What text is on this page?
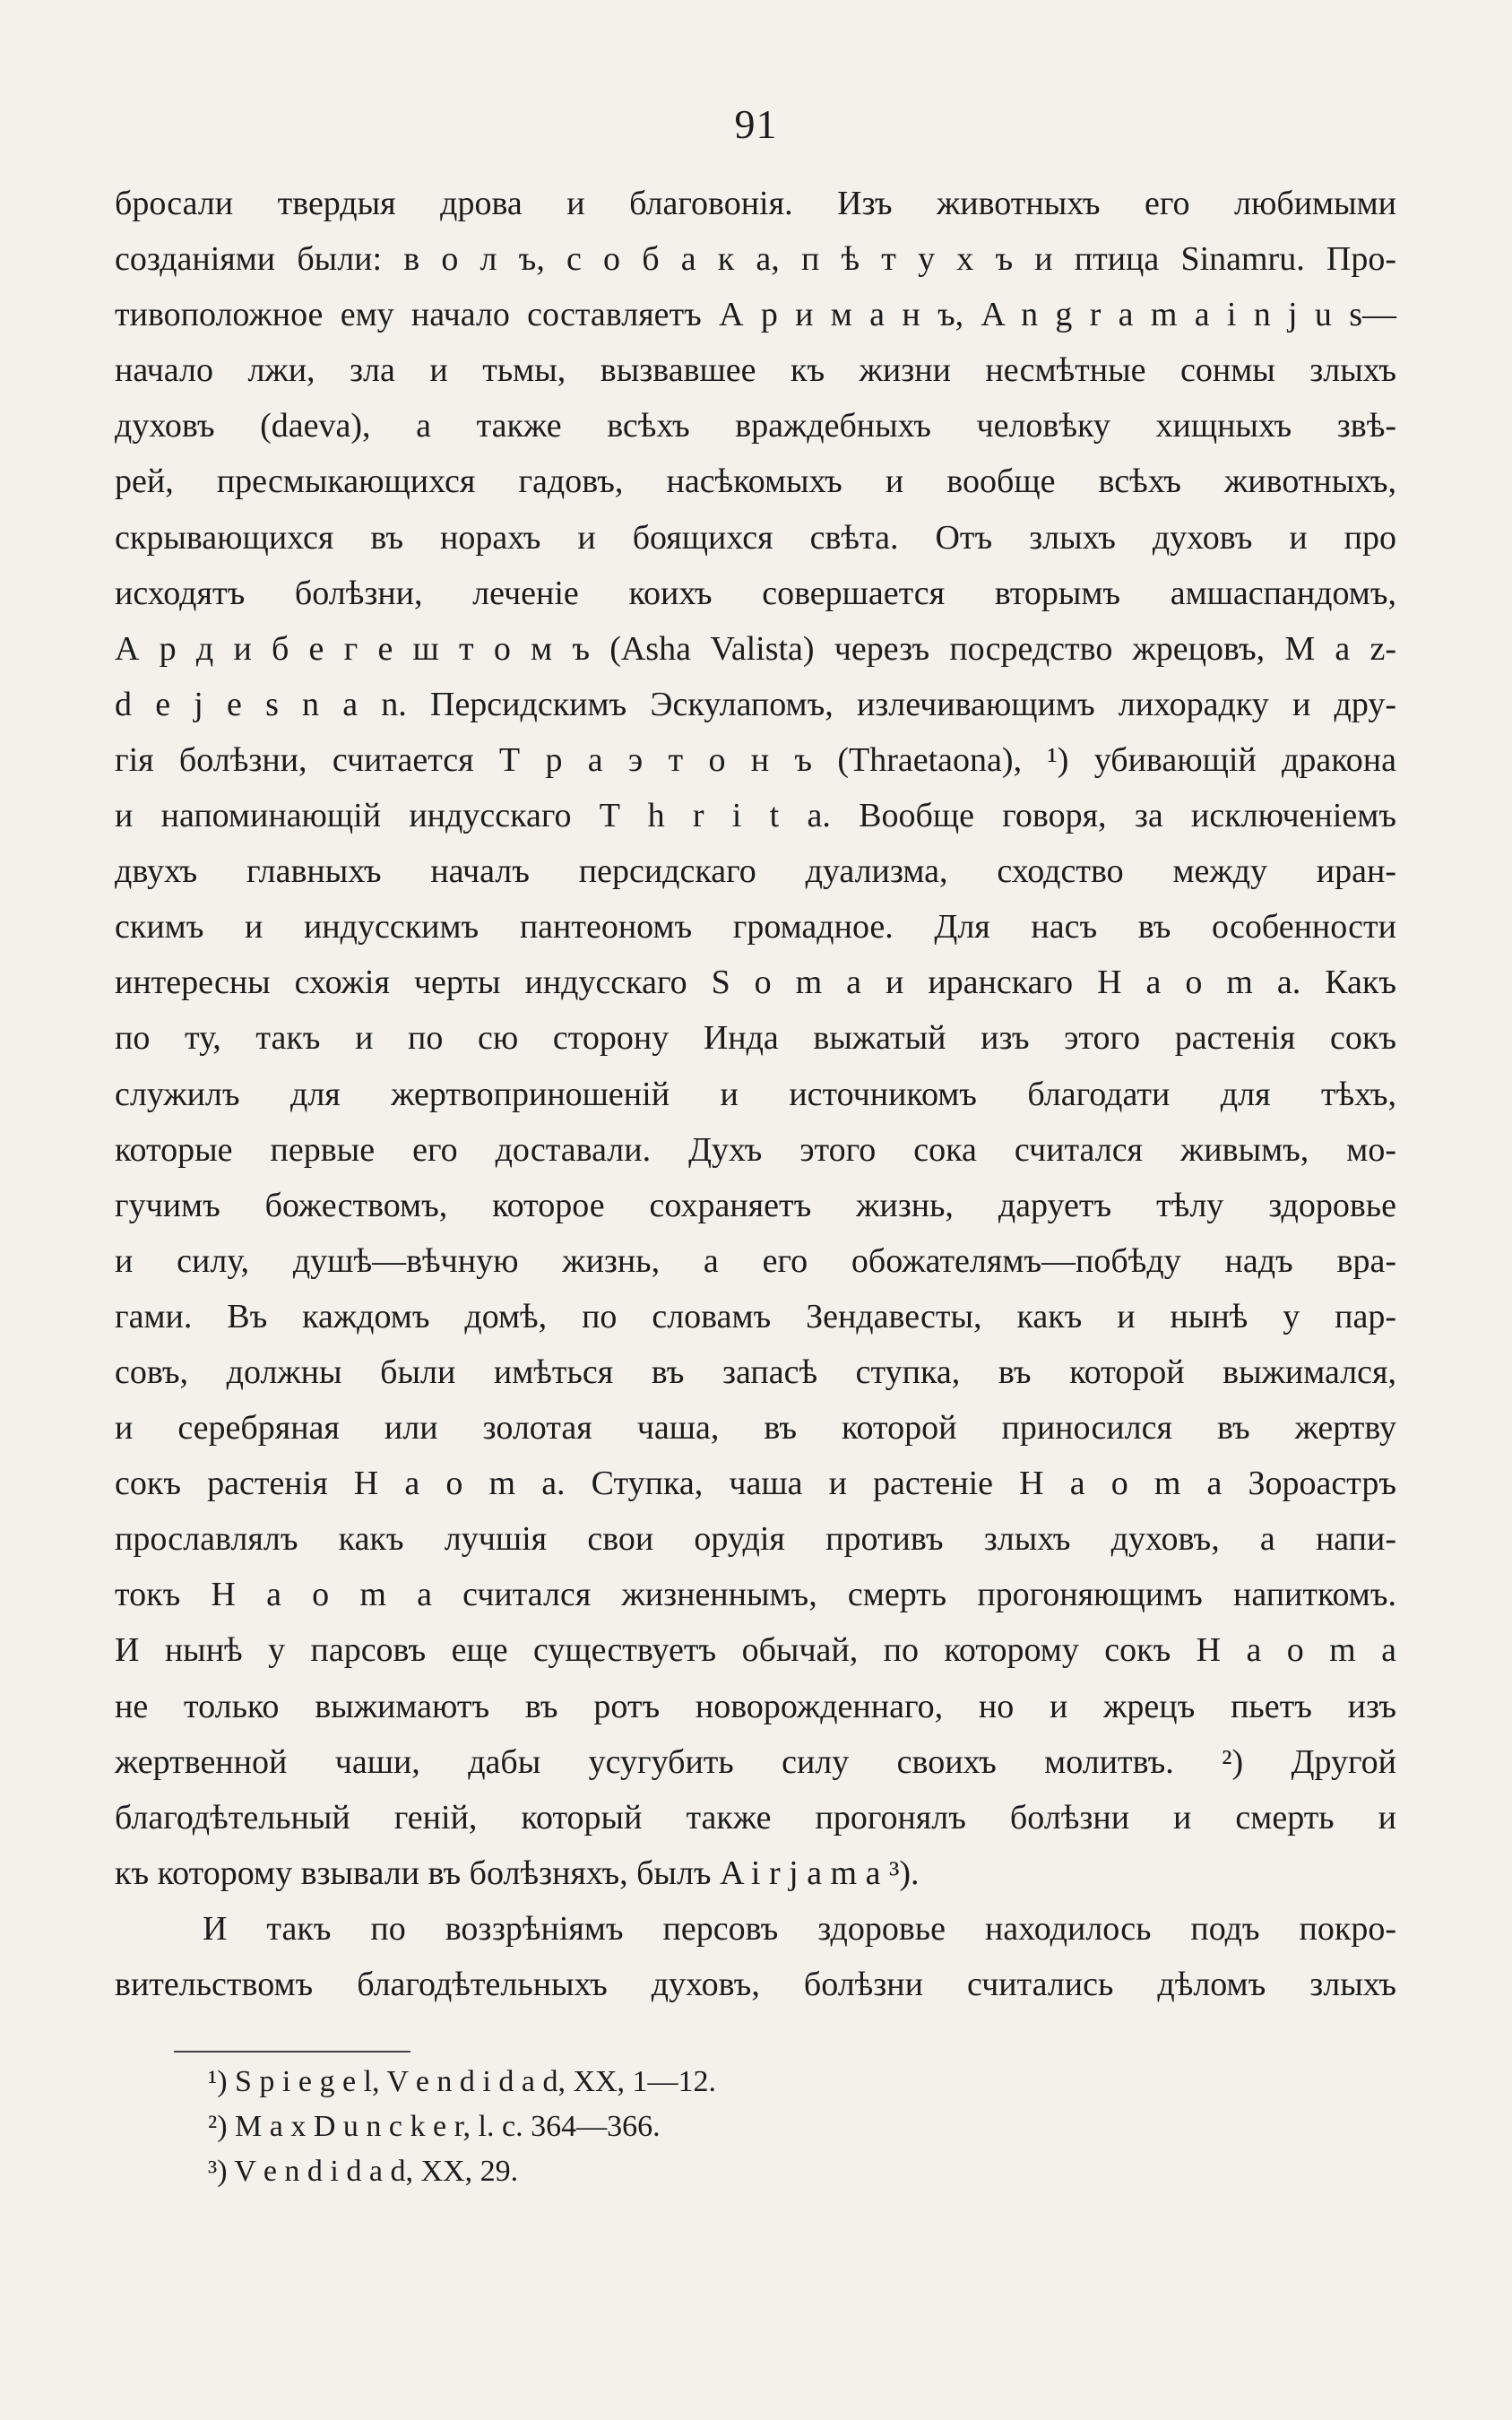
91
бросали твердыя дрова и благовонія. Изъ животныхъ его любимыми
созданіями были: в о л ъ, с о б а к а, п ѣ т у х ъ и птица Sinamru. Про-
тивоположное ему начало составляетъ А р и м а н ъ, A n g r a m a i n j u s—
начало лжи, зла и тьмы, вызвавшее къ жизни несмѣтные сонмы злыхъ
духовъ (daeva), а также всѣхъ враждебныхъ человѣку хищныхъ звѣ-
рей, пресмыкающихся гадовъ, насѣкомыхъ и вообще всѣхъ животныхъ,
скрывающихся въ норахъ и боящихся свѣта. Отъ злыхъ духовъ и про
исходятъ болѣзни, леченіе коихъ совершается вторымъ амшаспандомъ,
А р д и б е г е ш т о м ъ (Asha Valista) черезъ посредство жрецовъ, M a z-
d e j e s n a n. Персидскимъ Эскулапомъ, излечивающимъ лихорадку и дру-
гія болѣзни, считается Т р а э т о н ъ (Thraetaona), ¹) убивающій дракона
и напоминающій индусскаго T h r i t a. Вообще говоря, за исключеніемъ
двухъ главныхъ началъ персидскаго дуализма, сходство между иран-
скимъ и индусскимъ пантеономъ громадное. Для насъ въ особенности
интересны схожія черты индусскаго S o m a и иранскаго H a o m a. Какъ
по ту, такъ и по сю сторону Инда выжатый изъ этого растенія сокъ
служилъ для жертвоприношеній и источникомъ благодати для тѣхъ,
которые первые его доставали. Духъ этого сока считался живымъ, мо-
гучимъ божествомъ, которое сохраняетъ жизнь, даруетъ тѣлу здоровье
и силу, душѣ—вѣчную жизнь, а его обожателямъ—побѣду надъ вра-
гами. Въ каждомъ домѣ, по словамъ Зендавесты, какъ и нынѣ у пар-
совъ, должны были имѣться въ запасѣ ступка, въ которой выжимался,
и серебряная или золотая чаша, въ которой приносился въ жертву
сокъ растенія H a o m a. Ступка, чаша и растеніе H a o m a Зороастръ
прославлялъ какъ лучшія свои орудія противъ злыхъ духовъ, а напи-
токъ H a o m a считался жизненнымъ, смерть прогоняющимъ напиткомъ.
И нынѣ у парсовъ еще существуетъ обычай, по которому сокъ H a o m a
не только выжимаютъ въ ротъ новорожденнаго, но и жрецъ пьетъ изъ
жертвенной чаши, дабы усугубить силу своихъ молитвъ. ²) Другой
благодѣтельный геній, который также прогонялъ болѣзни и смерть и
къ которому взывали въ болѣзняхъ, былъ A i r j a m a ³).
И такъ по воззрѣніямъ персовъ здоровье находилось подъ покро-
вительствомъ благодѣтельныхъ духовъ, болѣзни считались дѣломъ злыхъ
¹) S p i e g e l, V e n d i d a d, XX, 1—12.
²) M a x D u n c k e r, l. c. 364—366.
³) V e n d i d a d, XX, 29.
